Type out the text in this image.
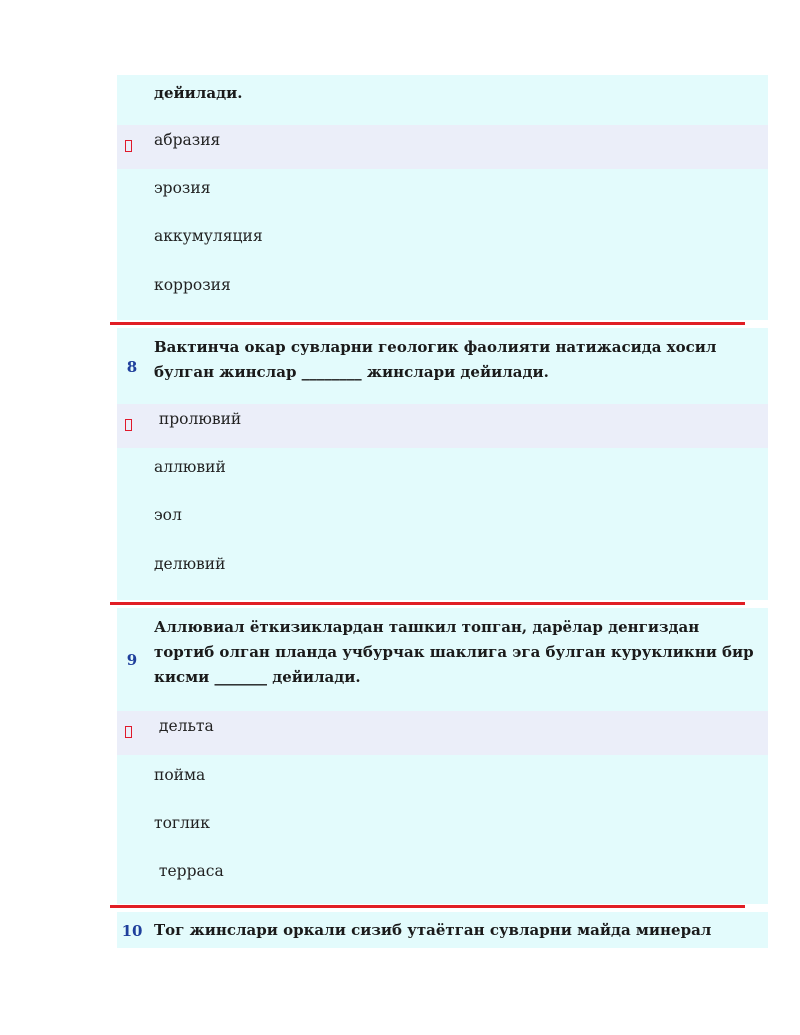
дейилади.
абразия
эрозия
аккумуляция
коррозия
8
Вактинча окар сувларни геологик фаолияти натижасида хосил булган жинслар ________ жинслари дейилади.
пролювий
аллювий
эол
делювий
9
Аллювиал ёткизиклардан ташкил топган, дарёлар денгиздан тортиб олган планда учбурчак шаклига эга булган курукликни бир кисми _______ дейилади.
дельта
пойма
тоглик
терраса
10 Тог жинслари оркали сизиб утаётган сувларни майда минерал
